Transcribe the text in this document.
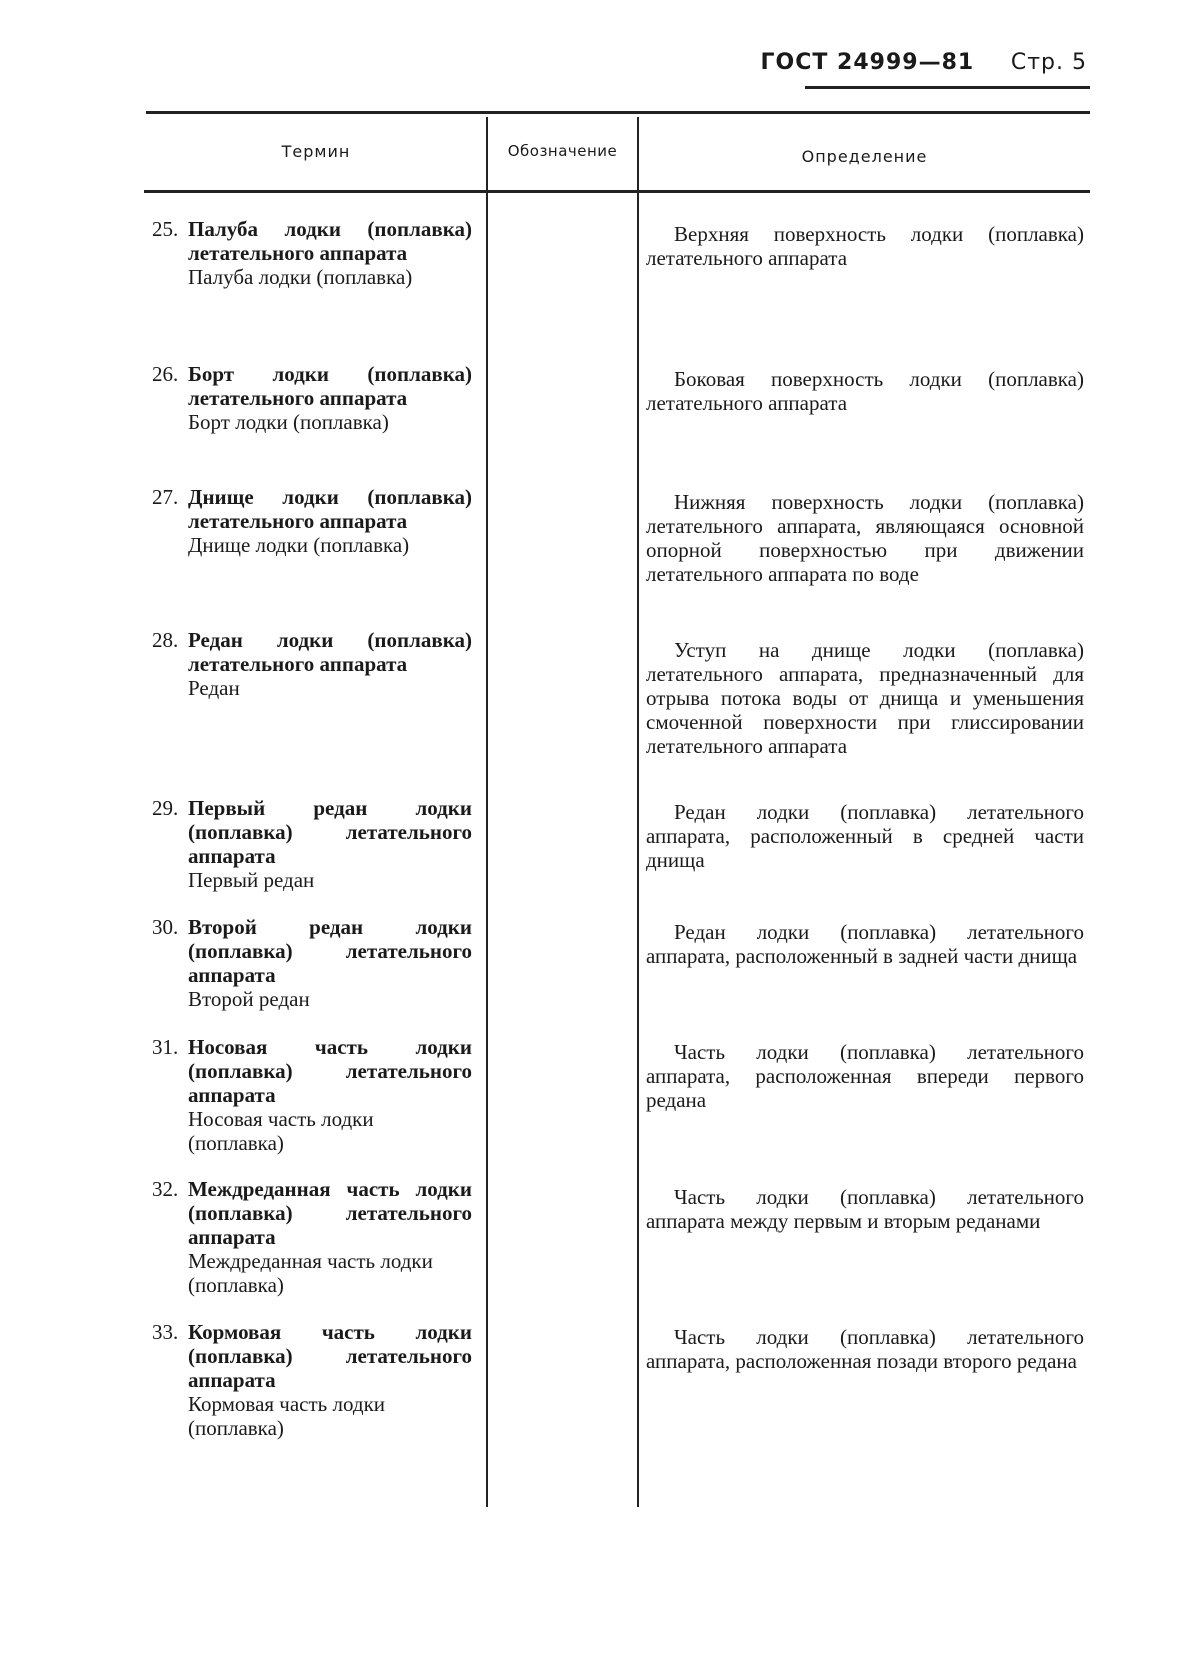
ГОСТ 24999—81 Стр. 5
Термин	Обозначение	Определение
25. Палуба лодки (поплавка) летательного аппарата
Палуба лодки (поплавка)
Верхняя поверхность лодки (поплавка) летательного аппарата
26. Борт лодки (поплавка) летательного аппарата
Борт лодки (поплавка)
Боковая поверхность лодки (поплавка) летательного аппарата
27. Днище лодки (поплавка) летательного аппарата
Днище лодки (поплавка)
Нижняя поверхность лодки (поплавка) летательного аппарата, являющаяся основной опорной поверхностью при движении летательного аппарата по воде
28. Редан лодки (поплавка) летательного аппарата
Редан
Уступ на днище лодки (поплавка) летательного аппарата, предназначенный для отрыва потока воды от днища и уменьшения смоченной поверхности при глиссировании летательного аппарата
29. Первый редан лодки (поплавка) летательного аппарата
Первый редан
Редан лодки (поплавка) летательного аппарата, расположенный в средней части днища
30. Второй редан лодки (поплавка) летательного аппарата
Второй редан
Редан лодки (поплавка) летательного аппарата, расположенный в задней части днища
31. Носовая часть лодки (поплавка) летательного аппарата
Носовая часть лодки (поплавка)
Часть лодки (поплавка) летательного аппарата, расположенная впереди первого редана
32. Междреданная часть лодки (поплавка) летательного аппарата
Междреданная часть лодки (поплавка)
Часть лодки (поплавка) летательного аппарата между первым и вторым реданами
33. Кормовая часть лодки (поплавка) летательного аппарата
Кормовая часть лодки (поплавка)
Часть лодки (поплавка) летательного аппарата, расположенная позади второго редана
